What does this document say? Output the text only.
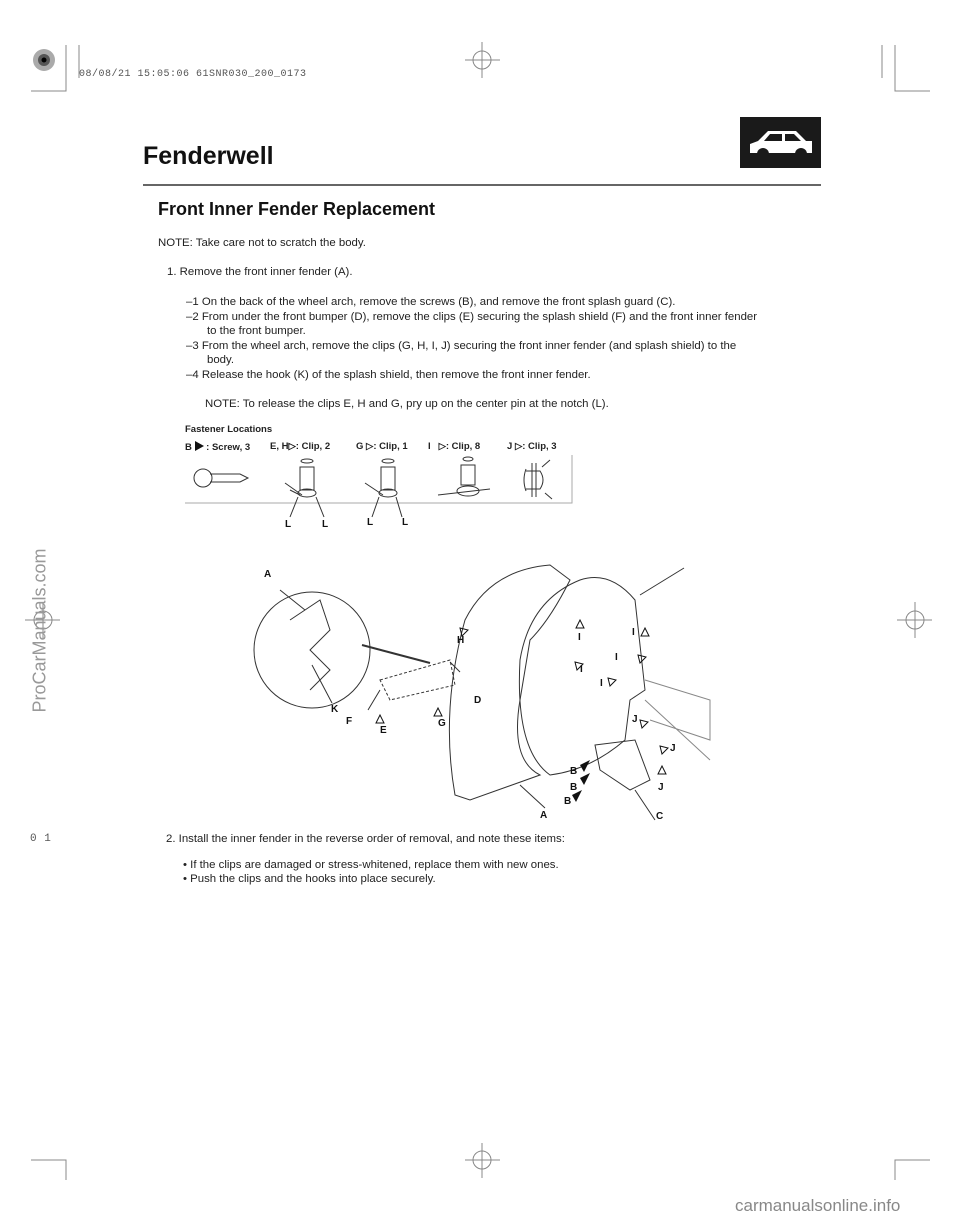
08/08/21 15:05:06 61SNR030_200_0173
Fenderwell
Front Inner Fender Replacement
NOTE: Take care not to scratch the body.
1. Remove the front inner fender (A).
–1 On the back of the wheel arch, remove the screws (B), and remove the front splash guard (C).
–2 From under the front bumper (D), remove the clips (E) securing the splash shield (F) and the front inner fender
to the front bumper.
–3 From the wheel arch, remove the clips (G, H, I, J) securing the front inner fender (and splash shield) to the
body.
–4 Release the hook (K) of the splash shield, then remove the front inner fender.
NOTE: To release the clips E, H and G, pry up on the center pin at the notch (L).
Fastener Locations
B : Screw, 3 E, H▷: Clip, 2	G ▷: Clip, 1 I ▷: Clip, 8	J ▷: Clip, 3
L	L	L	L
A
K
F
E
G
D
H	I
I
I
I
I
J
J
J
B
B
B
A	C
2. Install the inner fender in the reverse order of removal, and note these items:
• If the clips are damaged or stress-whitened, replace them with new ones.
• Push the clips and the hooks into place securely.
0 1
ProCarManuals.com
carmanualsonline.info
